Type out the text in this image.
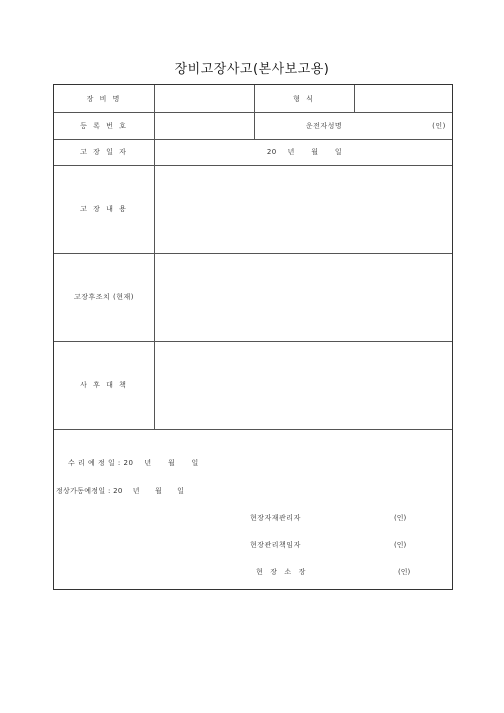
장비고장사고(본사보고용)
장 비 명	형 식
등 록 번 호	운전자성명	(인)
고 장 일 자	20    년      월      일
고 장 내 용
고장후조치 (현재)
사 후 대 책
수 리 예 정 일 : 20    년      월      일
정상가동예정일 : 20    년      월      일
현장자재관리자	(인)
현장관리책임자	(인)
현  장  소  장	(인)
